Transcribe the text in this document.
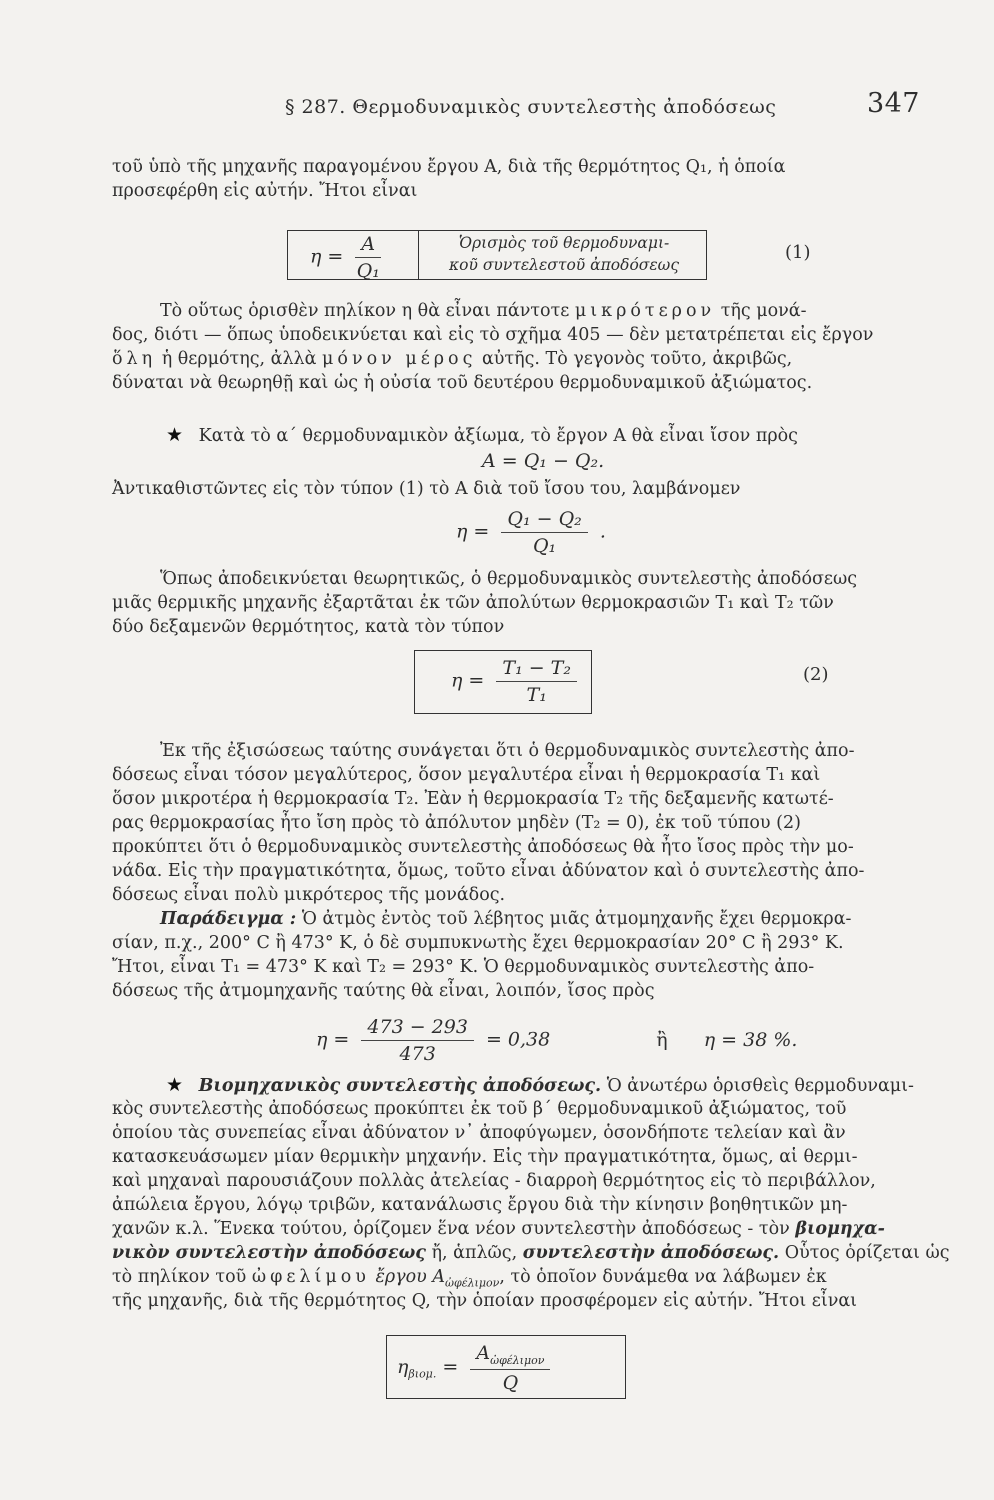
§ 287. Θερμοδυναμικὸς συντελεστὴς ἀποδόσεως	347
τοῦ ὑπὸ τῆς μηχανῆς παραγομένου ἔργου A, διὰ τῆς θερμότητος Q₁, ἡ ὁποία
προσεφέρθη εἰς αὐτήν. Ἤτοι εἶναι
$\eta = \frac{A}{\text{Q₁}}$	Ὁρισμὸς τοῦ θερμοδυναμι-
κοῦ συντελεστοῦ ἀποδόσεως
(1)
Τὸ οὕτως ὁρισθὲν πηλίκον η θὰ εἶναι πάντοτε μικρότερον τῆς μονά-
δος, διότι — ὅπως ὑποδεικνύεται καὶ εἰς τὸ σχῆμα 405 — δὲν μετατρέπεται εἰς ἔργον
ὅλη ἡ θερμότης, ἀλλὰ μόνον μέρος αὐτῆς. Τὸ γεγονὸς τοῦτο, ἀκριβῶς,
δύναται νὰ θεωρηθῇ καὶ ὡς ἡ οὐσία τοῦ δευτέρου θερμοδυναμικοῦ ἀξιώματος.
★ Κατὰ τὸ α΄ θερμοδυναμικὸν ἀξίωμα, τὸ ἔργον A θὰ εἶναι ἴσον πρὸς
A = Q₁ − Q₂.
Ἀντικαθιστῶντες εἰς τὸν τύπον (1) τὸ A διὰ τοῦ ἴσου του, λαμβάνομεν
$\eta = \frac{\text{Q₁ − Q₂}}{\text{Q₁}}$ .
Ὅπως ἀποδεικνύεται θεωρητικῶς, ὁ θερμοδυναμικὸς συντελεστὴς ἀποδόσεως
μιᾶς θερμικῆς μηχανῆς ἐξαρτᾶται ἐκ τῶν ἀπολύτων θερμοκρασιῶν T₁ καὶ T₂ τῶν
δύο δεξαμενῶν θερμότητος, κατὰ τὸν τύπον
$\eta = \frac{\text{T₁ − T₂}}{\text{T₁}}$	(2)
Ἐκ τῆς ἐξισώσεως ταύτης συνάγεται ὅτι ὁ θερμοδυναμικὸς συντελεστὴς ἀπο-
δόσεως εἶναι τόσον μεγαλύτερος, ὅσον μεγαλυτέρα εἶναι ἡ θερμοκρασία T₁ καὶ
ὅσον μικροτέρα ἡ θερμοκρασία T₂. Ἐὰν ἡ θερμοκρασία T₂ τῆς δεξαμενῆς κατωτέ-
ρας θερμοκρασίας ἦτο ἴση πρὸς τὸ ἀπόλυτον μηδὲν (T₂ = 0), ἐκ τοῦ τύπου (2)
προκύπτει ὅτι ὁ θερμοδυναμικὸς συντελεστὴς ἀποδόσεως θὰ ἦτο ἴσος πρὸς τὴν μο-
νάδα. Εἰς τὴν πραγματικότητα, ὅμως, τοῦτο εἶναι ἀδύνατον καὶ ὁ συντελεστὴς ἀπο-
δόσεως εἶναι πολὺ μικρότερος τῆς μονάδος.
Παράδειγμα : Ὁ ἀτμὸς ἐντὸς τοῦ λέβητος μιᾶς ἀτμομηχανῆς ἔχει θερμοκρα-
σίαν, π.χ., 200° C ἢ 473° K, ὁ δὲ συμπυκνωτὴς ἔχει θερμοκρασίαν 20° C ἢ 293° K.
Ἤτοι, εἶναι T₁ = 473° K καὶ T₂ = 293° K. Ὁ θερμοδυναμικὸς συντελεστὴς ἀπο-
δόσεως τῆς ἀτμομηχανῆς ταύτης θὰ εἶναι, λοιπόν, ἴσος πρὸς
$\eta = \frac{473 - 293}{473} = 0,38$	ἢ η = 38 %.
★ Βιομηχανικὸς συντελεστὴς ἀποδόσεως. Ὁ ἀνωτέρω ὁρισθεὶς θερμοδυναμι-
κὸς συντελεστὴς ἀποδόσεως προκύπτει ἐκ τοῦ β΄ θερμοδυναμικοῦ ἀξιώματος, τοῦ
ὁποίου τὰς συνεπείας εἶναι ἀδύνατον ν᾿ ἀποφύγωμεν, ὁσονδήποτε τελείαν καὶ ἂν
κατασκευάσωμεν μίαν θερμικὴν μηχανήν. Εἰς τὴν πραγματικότητα, ὅμως, αἱ θερμι-
καὶ μηχαναὶ παρουσιάζουν πολλὰς ἀτελείας - διαρροὴ θερμότητος εἰς τὸ περιβάλλον,
ἀπώλεια ἔργου, λόγῳ τριβῶν, κατανάλωσις ἔργου διὰ τὴν κίνησιν βοηθητικῶν μη-
χανῶν κ.λ. Ἕνεκα τούτου, ὁρίζομεν ἕνα νέον συντελεστὴν ἀποδόσεως - τὸν βιομηχα-
νικὸν συντελεστὴν ἀποδόσεως ἤ, ἁπλῶς, συντελεστὴν ἀποδόσεως. Οὗτος ὁρίζεται ὡς
τὸ πηλίκον τοῦ ὠφελίμου ἔργου $A_{ὠ\varphi έ\lambda\iota\mu o\nu}$, τὸ ὁποῖον δυνάμεθα να λάβωμεν ἐκ
τῆς μηχανῆς, διὰ τῆς θερμότητος Q, τὴν ὁποίαν προσφέρομεν εἰς αὐτήν. Ἤτοι εἶναι
$\eta_{\beta\iota o\mu.} = \frac{A_{ὠ\varphi έ\lambda\iota\mu o\nu}}{Q}$
